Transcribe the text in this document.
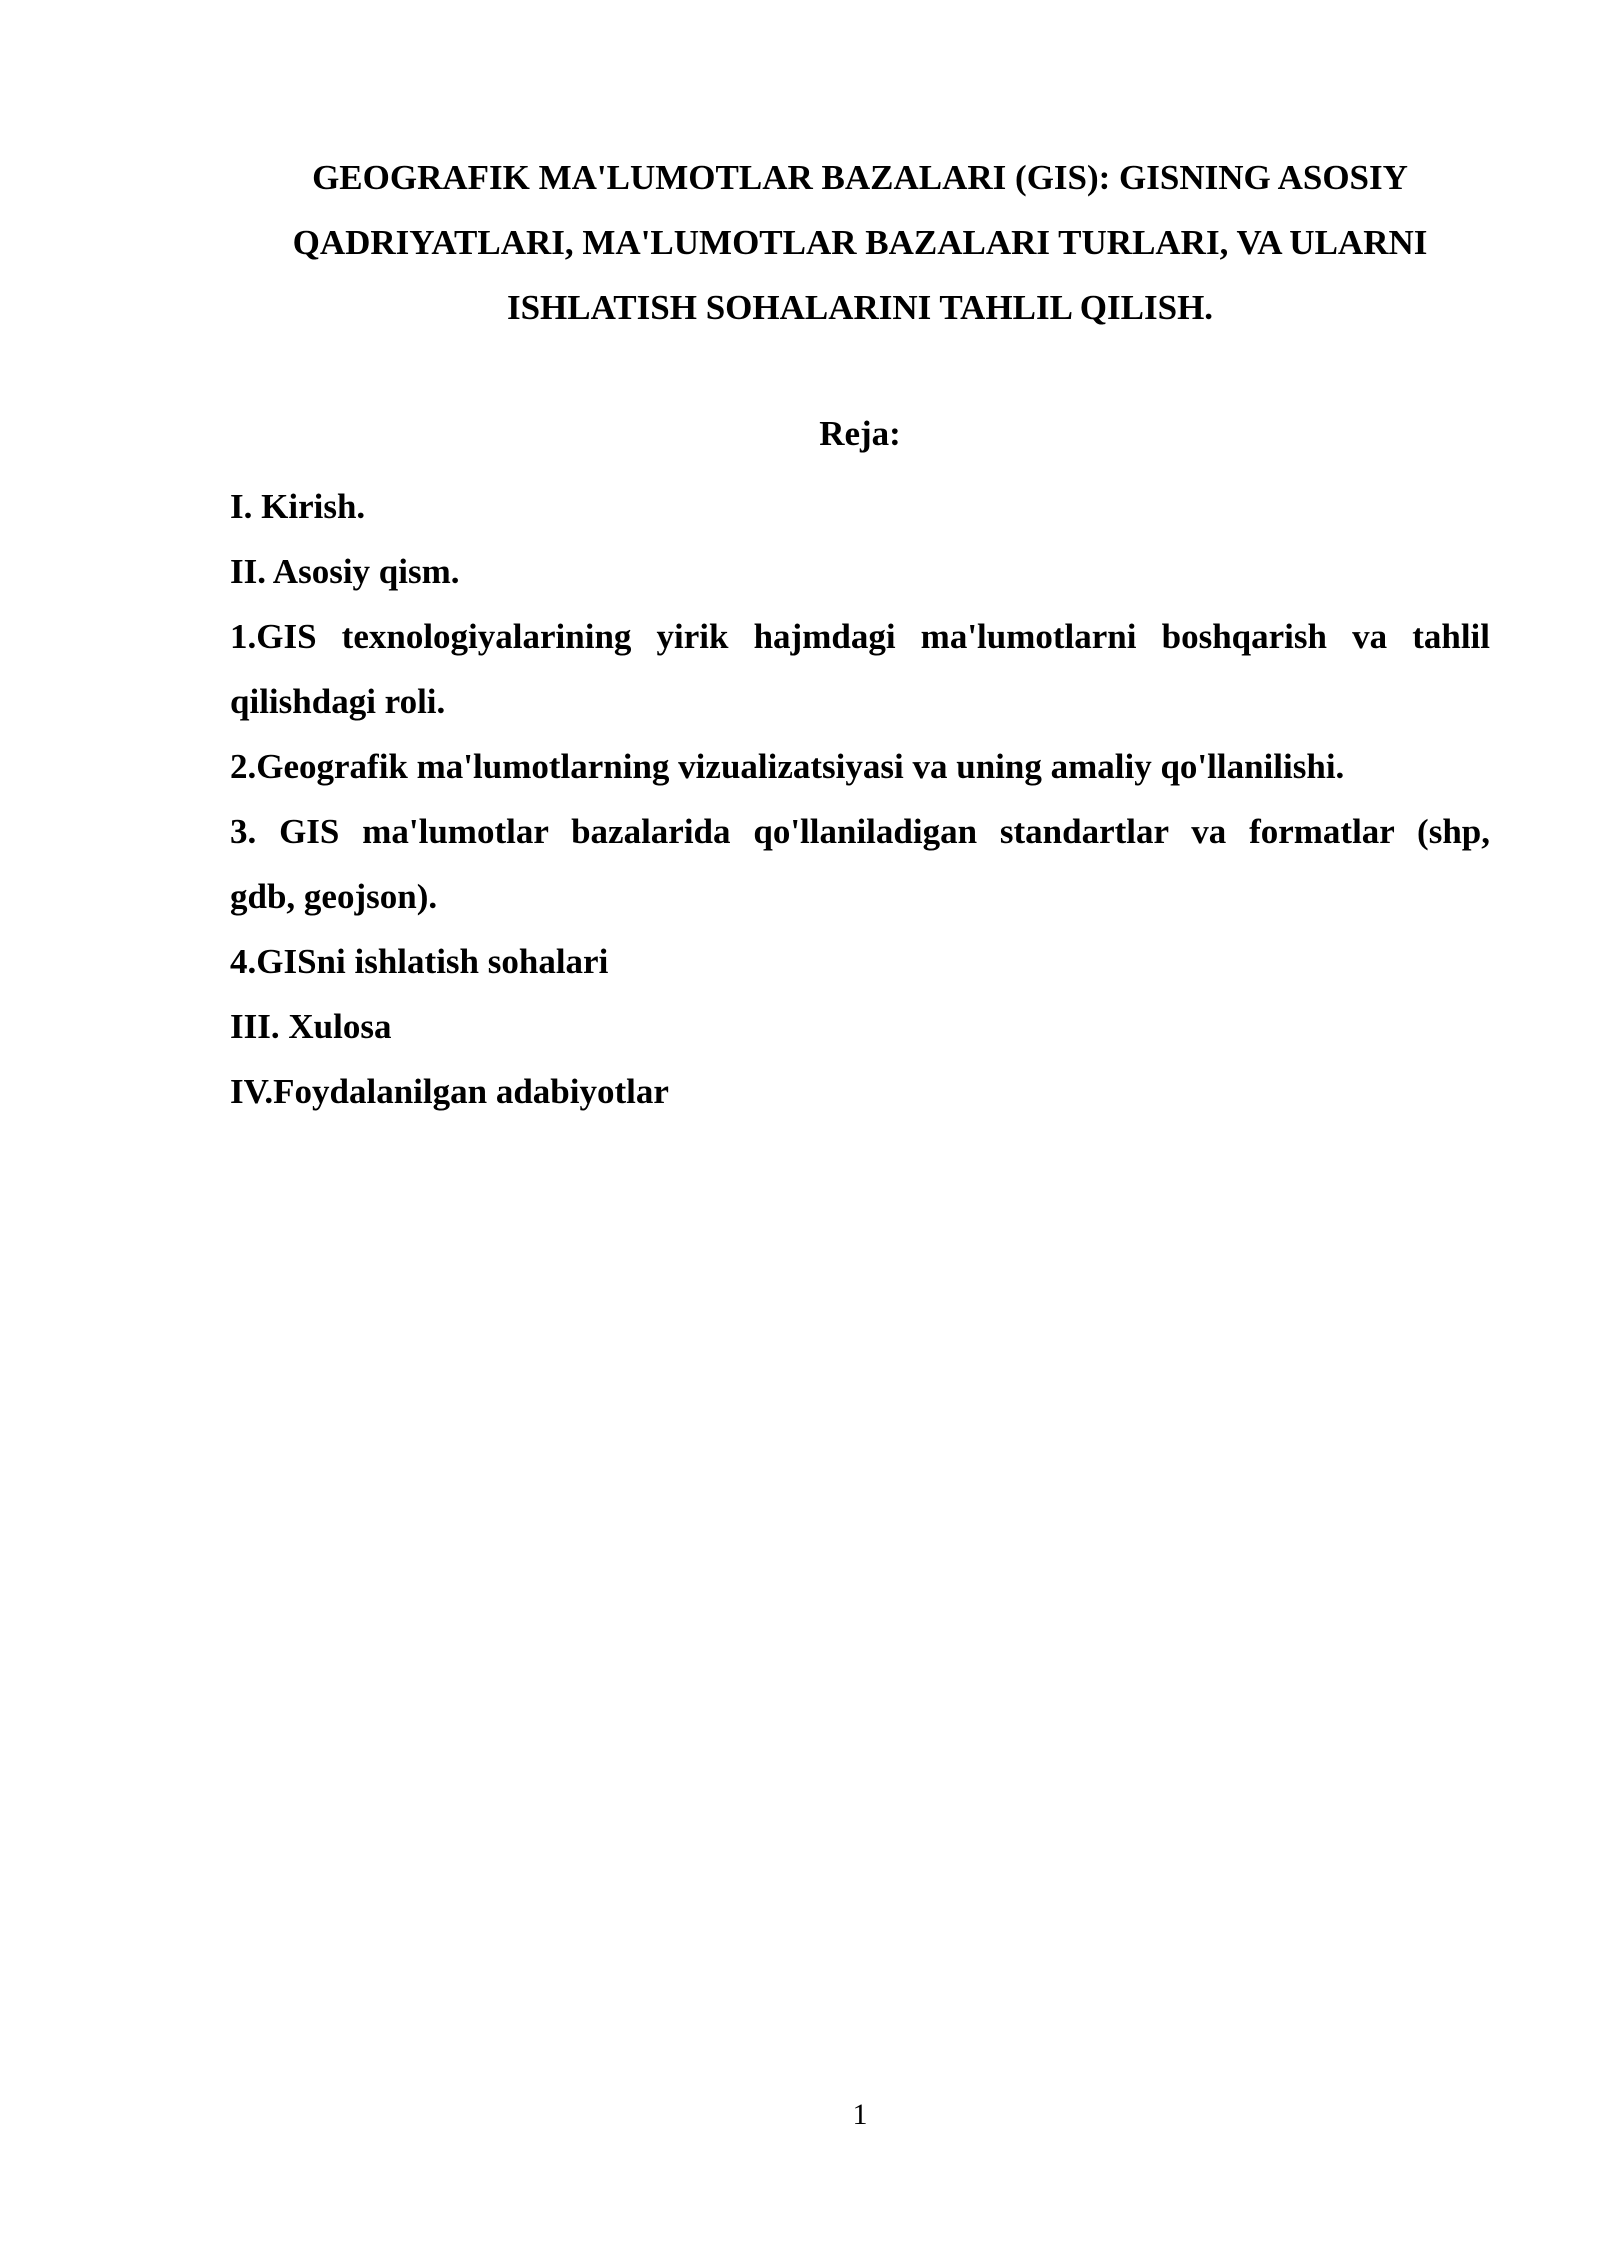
GEOGRAFIK MA'LUMOTLAR BAZALARI (GIS): GISNING ASOSIY
QADRIYATLARI, MA'LUMOTLAR BAZALARI TURLARI, VA ULARNI
ISHLATISH SOHALARINI TAHLIL QILISH.
Reja:
I. Kirish.
II. Asosiy qism.
1.GIS texnologiyalarining yirik hajmdagi ma'lumotlarni boshqarish va tahlil
qilishdagi roli.
2.Geografik ma'lumotlarning vizualizatsiyasi va uning amaliy qo'llanilishi.
3. GIS ma'lumotlar bazalarida qo'llaniladigan standartlar va formatlar (shp,
gdb, geojson).
4.GISni ishlatish sohalari
III. Xulosa
IV.Foydalanilgan adabiyotlar
1
